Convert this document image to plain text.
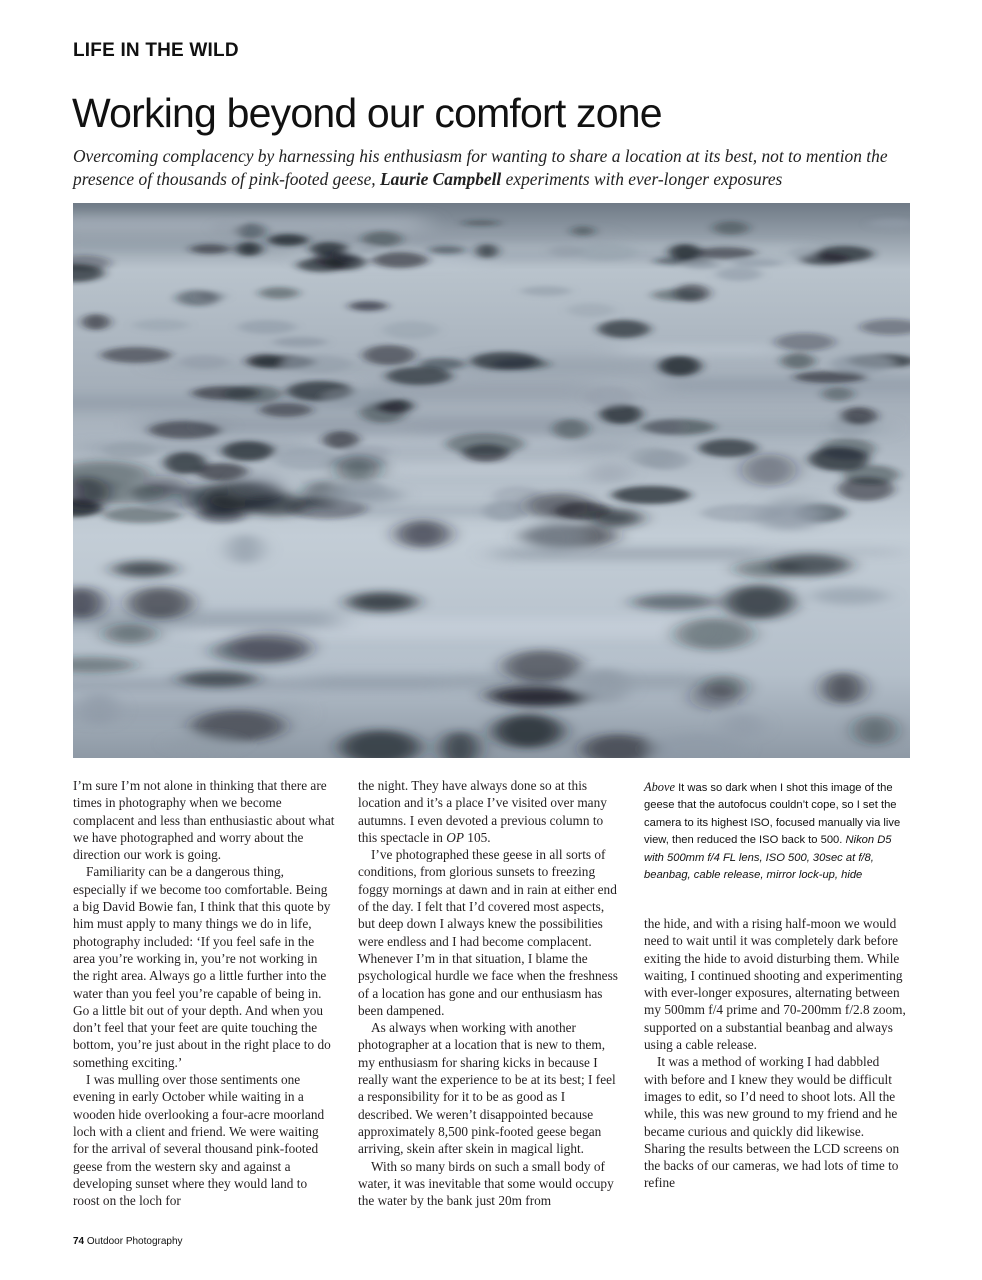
LIFE IN THE WILD
Working beyond our comfort zone

Overcoming complacency by harnessing his enthusiasm for wanting to share a location at its best, not to mention the presence of thousands of pink-footed geese, Laurie Campbell experiments with ever-longer exposures

I’m sure I’m not alone in thinking that there are times in photography when we become complacent and less than enthusiastic about what we have photographed and worry about the direction our work is going.

Familiarity can be a dangerous thing, especially if we become too comfortable. Being a big David Bowie fan, I think that this quote by him must apply to many things we do in life, photography included: ‘If you feel safe in the area you’re working in, you’re not working in the right area. Always go a little further into the water than you feel you’re capable of being in. Go a little bit out of your depth. And when you don’t feel that your feet are quite touching the bottom, you’re just about in the right place to do something exciting.’

I was mulling over those sentiments one evening in early October while waiting in a wooden hide overlooking a four-acre moorland loch with a client and friend. We were waiting for the arrival of several thousand pink-footed geese from the western sky and against a developing sunset where they would land to roost on the loch for

the night. They have always done so at this location and it’s a place I’ve visited over many autumns. I even devoted a previous column to this spectacle in OP 105.

I’ve photographed these geese in all sorts of conditions, from glorious sunsets to freezing foggy mornings at dawn and in rain at either end of the day. I felt that I’d covered most aspects, but deep down I always knew the possibilities were endless and I had become complacent. Whenever I’m in that situation, I blame the psychological hurdle we face when the freshness of a location has gone and our enthusiasm has been dampened.

As always when working with another photographer at a location that is new to them, my enthusiasm for sharing kicks in because I really want the experience to be at its best; I feel a responsibility for it to be as good as I described. We weren’t disappointed because approximately 8,500 pink-footed geese began arriving, skein after skein in magical light.

With so many birds on such a small body of water, it was inevitable that some would occupy the water by the bank just 20m from

Above It was so dark when I shot this image of the geese that the autofocus couldn’t cope, so I set the camera to its highest ISO, focused manually via live view, then reduced the ISO back to 500. Nikon D5 with 500mm f/4 FL lens, ISO 500, 30sec at f/8, beanbag, cable release, mirror lock-up, hide

the hide, and with a rising half-moon we would need to wait until it was completely dark before exiting the hide to avoid disturbing them. While waiting, I continued shooting and experimenting with ever-longer exposures, alternating between my 500mm f/4 prime and 70-200mm f/2.8 zoom, supported on a substantial beanbag and always using a cable release.

It was a method of working I had dabbled with before and I knew they would be difficult images to edit, so I’d need to shoot lots. All the while, this was new ground to my friend and he became curious and quickly did likewise. Sharing the results between the LCD screens on the backs of our cameras, we had lots of time to refine

74 Outdoor Photography
